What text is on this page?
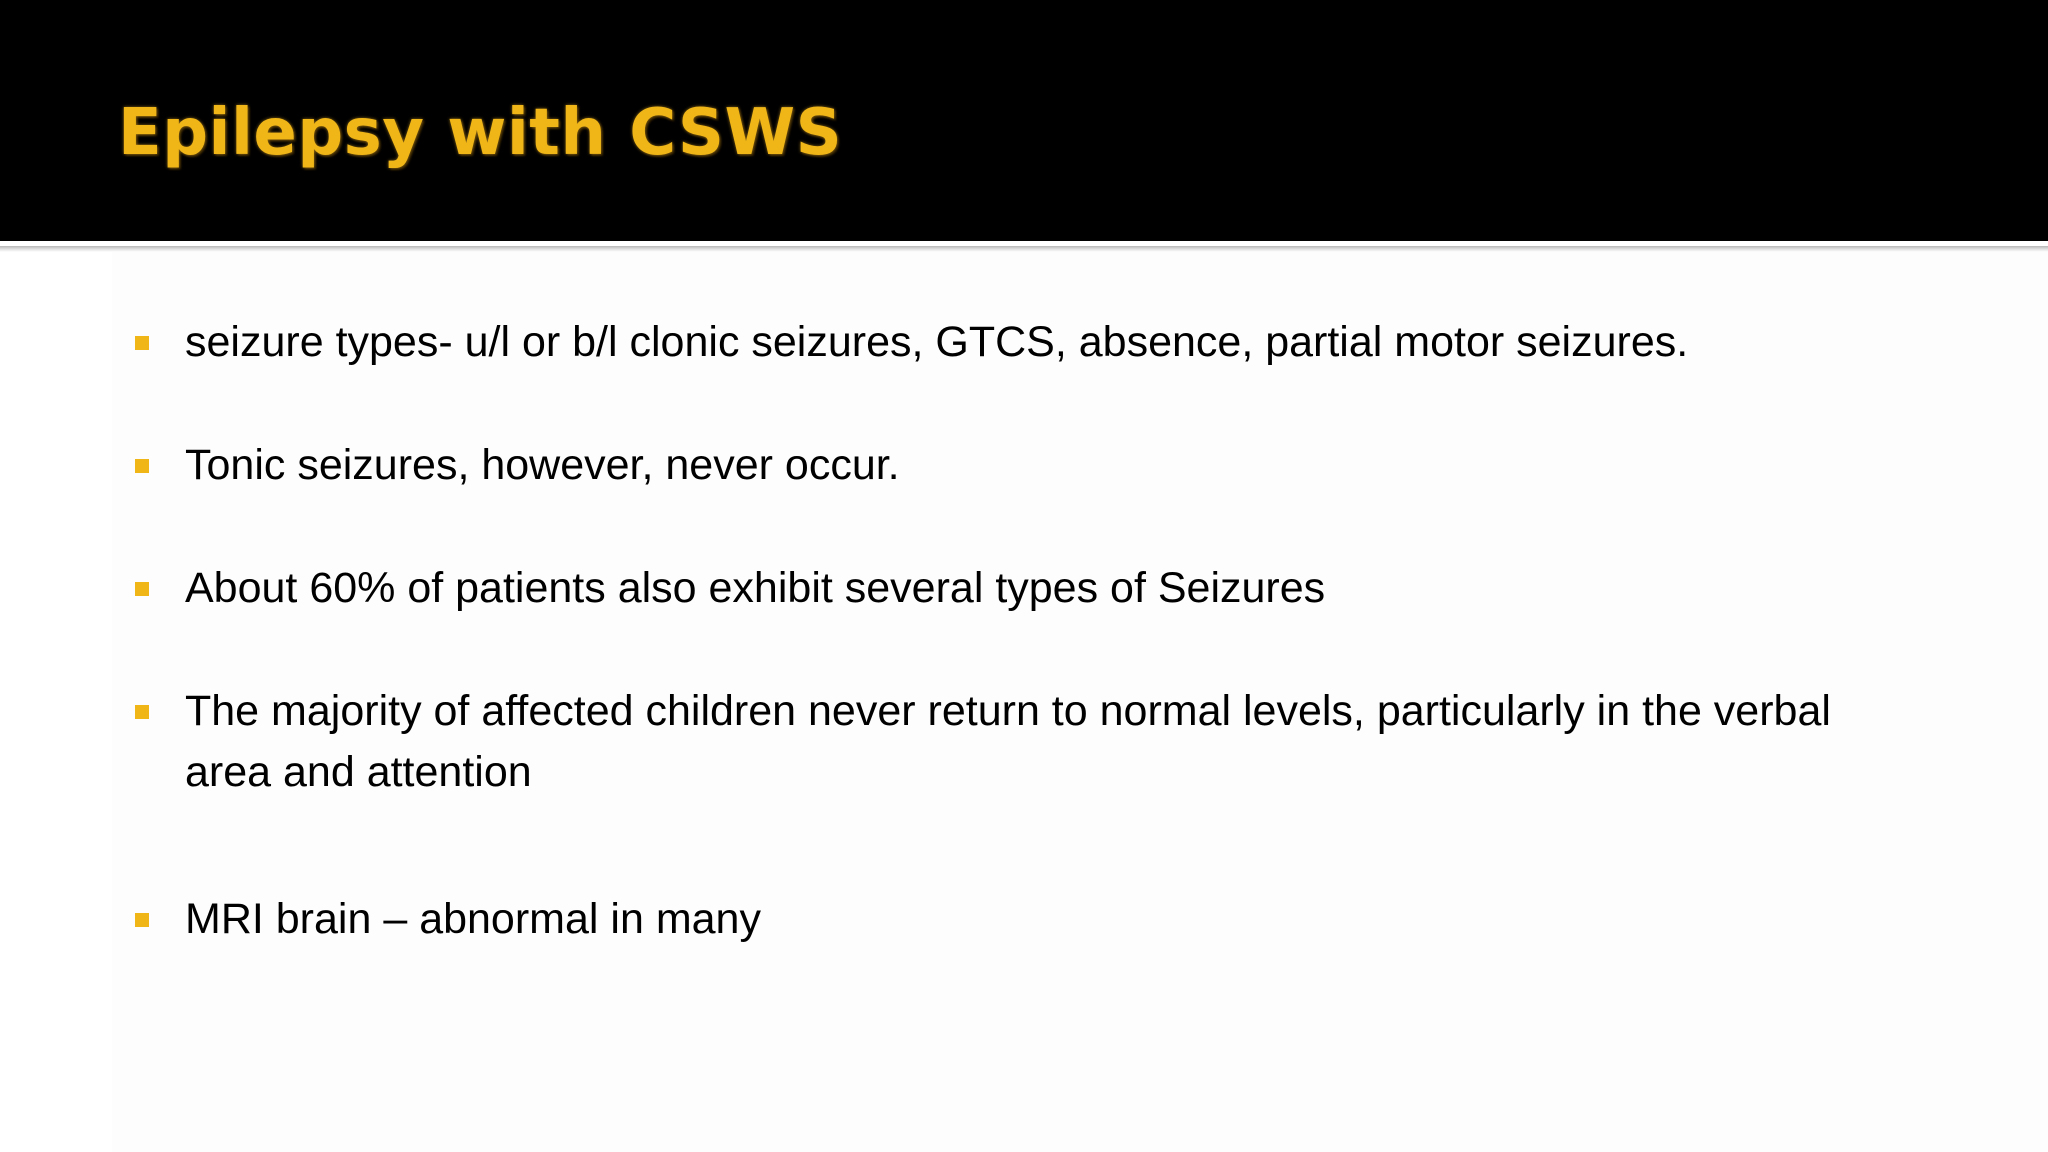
Epilepsy with CSWS

seizure types- u/l or b/l clonic seizures, GTCS, absence, partial motor seizures.

Tonic seizures, however, never occur.

About 60% of patients also exhibit several types of Seizures

The majority of affected children never return to normal levels, particularly in the verbal area and attention

MRI brain – abnormal in many
